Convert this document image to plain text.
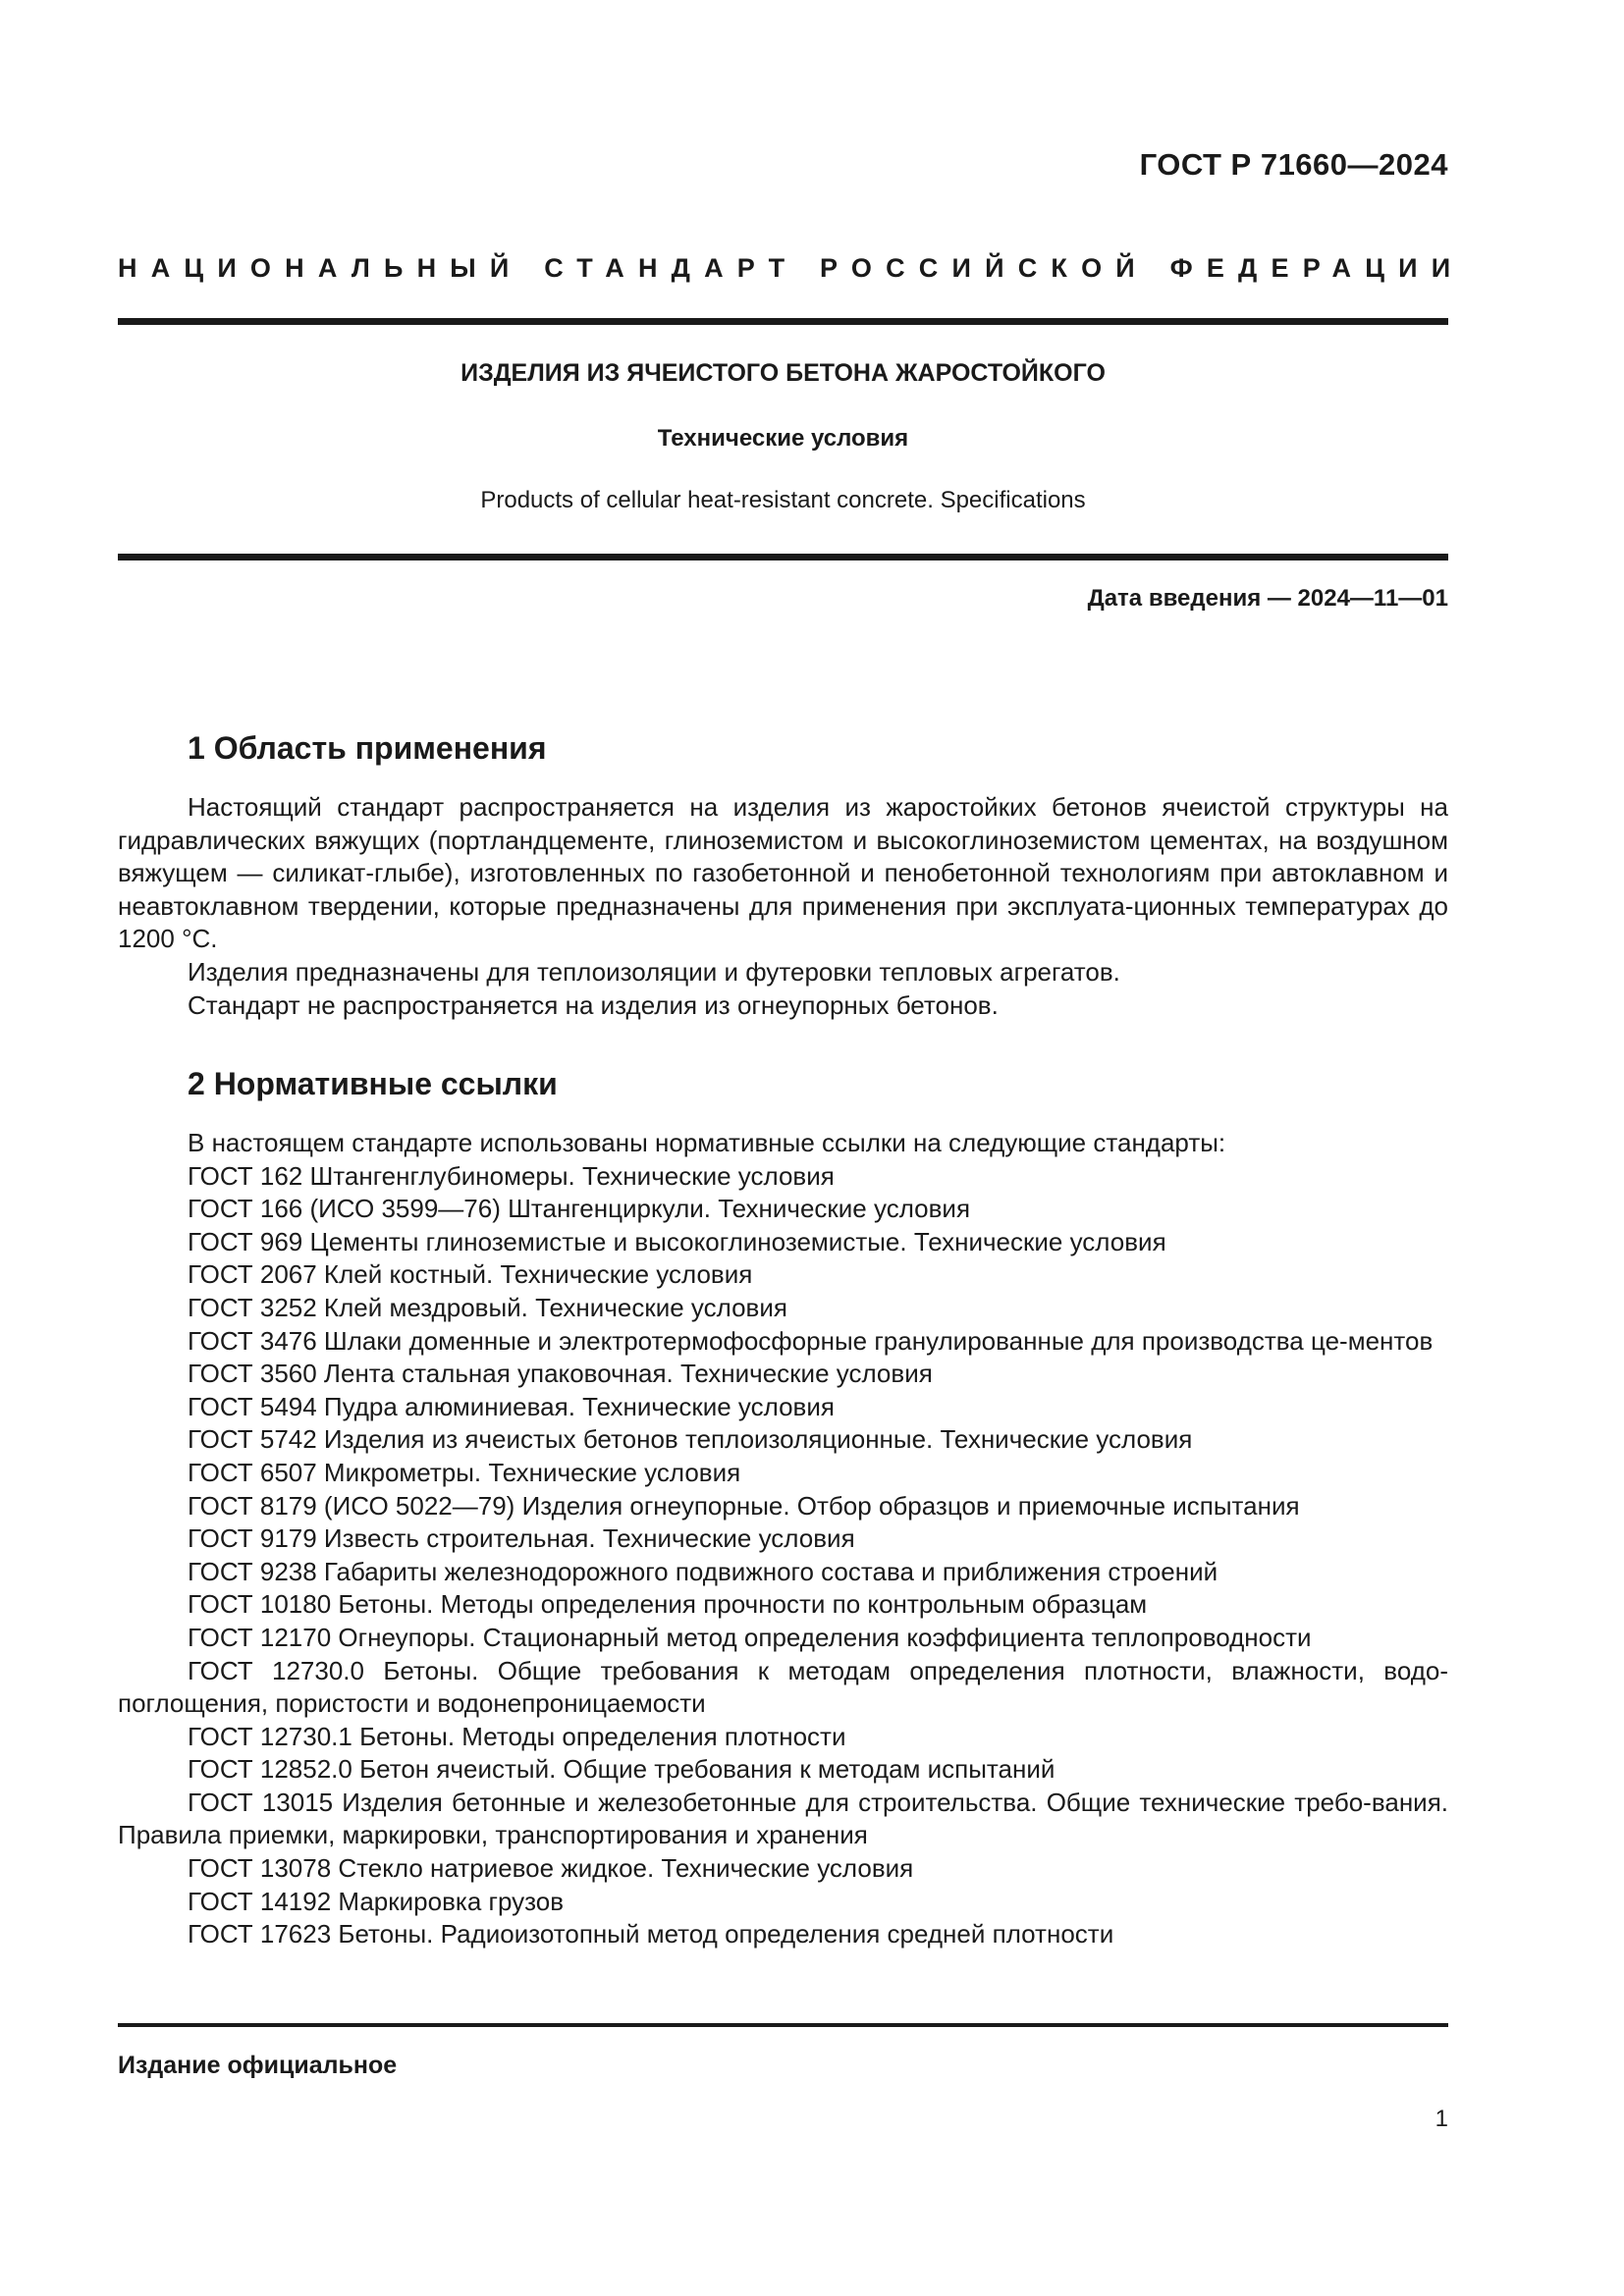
ГОСТ Р 71660—2024
НАЦИОНАЛЬНЫЙ СТАНДАРТ РОССИЙСКОЙ ФЕДЕРАЦИИ
ИЗДЕЛИЯ ИЗ ЯЧЕИСТОГО БЕТОНА ЖАРОСТОЙКОГО
Технические условия
Products of cellular heat-resistant concrete. Specifications
Дата введения — 2024—11—01
1 Область применения

Настоящий стандарт распространяется на изделия из жаростойких бетонов ячеистой структуры на гидравлических вяжущих (портландцементе, глиноземистом и высокоглиноземистом цементах, на воздушном вяжущем — силикат-глыбе), изготовленных по газобетонной и пенобетонной технологиям при автоклавном и неавтоклавном твердении, которые предназначены для применения при эксплуата-ционных температурах до 1200 °С.

Изделия предназначены для теплоизоляции и футеровки тепловых агрегатов.

Стандарт не распространяется на изделия из огнеупорных бетонов.

2 Нормативные ссылки

В настоящем стандарте использованы нормативные ссылки на следующие стандарты:

ГОСТ 162 Штангенглубиномеры. Технические условия

ГОСТ 166 (ИСО 3599—76) Штангенциркули. Технические условия

ГОСТ 969 Цементы глиноземистые и высокоглиноземистые. Технические условия

ГОСТ 2067 Клей костный. Технические условия

ГОСТ 3252 Клей мездровый. Технические условия

ГОСТ 3476 Шлаки доменные и электротермофосфорные гранулированные для производства це-ментов

ГОСТ 3560 Лента стальная упаковочная. Технические условия

ГОСТ 5494 Пудра алюминиевая. Технические условия

ГОСТ 5742 Изделия из ячеистых бетонов теплоизоляционные. Технические условия

ГОСТ 6507 Микрометры. Технические условия

ГОСТ 8179 (ИСО 5022—79) Изделия огнеупорные. Отбор образцов и приемочные испытания

ГОСТ 9179 Известь строительная. Технические условия

ГОСТ 9238 Габариты железнодорожного подвижного состава и приближения строений

ГОСТ 10180 Бетоны. Методы определения прочности по контрольным образцам

ГОСТ 12170 Огнеупоры. Стационарный метод определения коэффициента теплопроводности

ГОСТ 12730.0 Бетоны. Общие требования к методам определения плотности, влажности, водо-поглощения, пористости и водонепроницаемости

ГОСТ 12730.1 Бетоны. Методы определения плотности

ГОСТ 12852.0 Бетон ячеистый. Общие требования к методам испытаний

ГОСТ 13015 Изделия бетонные и железобетонные для строительства. Общие технические требо-вания. Правила приемки, маркировки, транспортирования и хранения

ГОСТ 13078 Стекло натриевое жидкое. Технические условия

ГОСТ 14192 Маркировка грузов

ГОСТ 17623 Бетоны. Радиоизотопный метод определения средней плотности

Издание официальное
1
